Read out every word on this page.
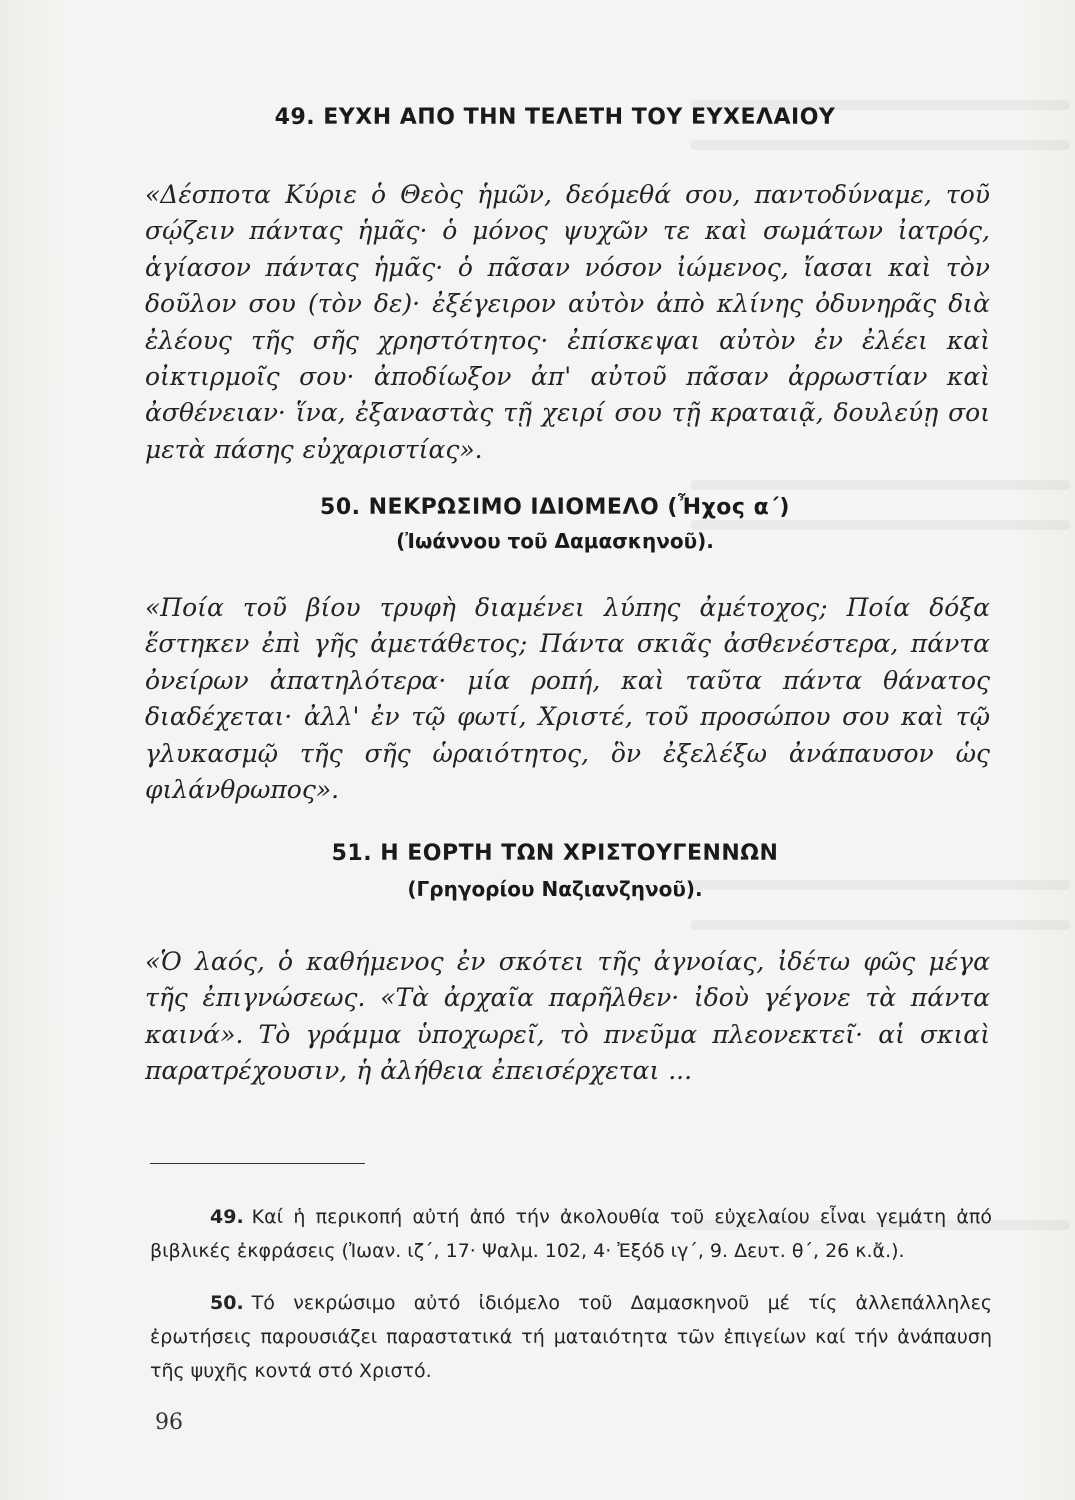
49. ΕΥΧΗ ΑΠΟ ΤΗΝ ΤΕΛΕΤΗ ΤΟΥ ΕΥΧΕΛΑΙΟΥ

«Δέσποτα Κύριε ὁ Θεὸς ἡμῶν, δεόμεθά σου, παντοδύναμε, τοῦ σῴζειν πάντας ἡμᾶς· ὁ μόνος ψυχῶν τε καὶ σωμάτων ἰατρός, ἁγίασον πάντας ἡμᾶς· ὁ πᾶσαν νόσον ἰώμενος, ἴασαι καὶ τὸν δοῦλον σου (τὸν δε)· ἐξέγειρον αὐτὸν ἀπὸ κλίνης ὀδυνηρᾶς διὰ ἐλέους τῆς σῆς χρηστότητος· ἐπίσκεψαι αὐτὸν ἐν ἐλέει καὶ οἰκτιρμοῖς σου· ἀποδίωξον ἀπ' αὐτοῦ πᾶσαν ἀρρωστίαν καὶ ἀσθένειαν· ἵνα, ἐξαναστὰς τῇ χειρί σου τῇ κραταιᾷ, δουλεύῃ σοι μετὰ πάσης εὐχαριστίας».

50. ΝΕΚΡΩΣΙΜΟ ΙΔΙΟΜΕΛΟ (Ἦχος α΄)
(Ἰωάννου τοῦ Δαμασκηνοῦ).

«Ποία τοῦ βίου τρυφὴ διαμένει λύπης ἀμέτοχος; Ποία δόξα ἕστηκεν ἐπὶ γῆς ἀμετάθετος; Πάντα σκιᾶς ἀσθενέστερα, πάντα ὀνείρων ἀπατηλότερα· μία ροπή, καὶ ταῦτα πάντα θάνατος διαδέχεται· ἀλλ' ἐν τῷ φωτί, Χριστέ, τοῦ προσώπου σου καὶ τῷ γλυκασμῷ τῆς σῆς ὡραιότητος, ὃν ἐξελέξω ἀνάπαυσον ὡς φιλάνθρωπος».

51. Η ΕΟΡΤΗ ΤΩΝ ΧΡΙΣΤΟΥΓΕΝΝΩΝ
(Γρηγορίου Ναζιανζηνοῦ).

«Ὁ λαός, ὁ καθήμενος ἐν σκότει τῆς ἀγνοίας, ἰδέτω φῶς μέγα τῆς ἐπιγνώσεως. «Τὰ ἀρχαῖα παρῆλθεν· ἰδοὺ γέγονε τὰ πάντα καινά». Τὸ γράμμα ὑποχωρεῖ, τὸ πνεῦμα πλεονεκτεῖ· αἱ σκιαὶ παρατρέχουσιν, ἡ ἀλήθεια ἐπεισέρχεται ...

49. Καί ἡ περικοπή αὐτή ἀπό τήν ἀκολουθία τοῦ εὐχελαίου εἶναι γεμάτη ἀπό βιβλικές ἐκφράσεις (Ἰωαν. ιζ΄, 17· Ψαλμ. 102, 4· Ἐξόδ ιγ΄, 9. Δευτ. θ΄, 26 κ.ἄ.).

50. Τό νεκρώσιμο αὐτό ἰδιόμελο τοῦ Δαμασκηνοῦ μέ τίς ἀλλεπάλληλες ἐρωτήσεις παρουσιάζει παραστατικά τή ματαιότητα τῶν ἐπιγείων καί τήν ἀνάπαυση τῆς ψυχῆς κοντά στό Χριστό.

96
